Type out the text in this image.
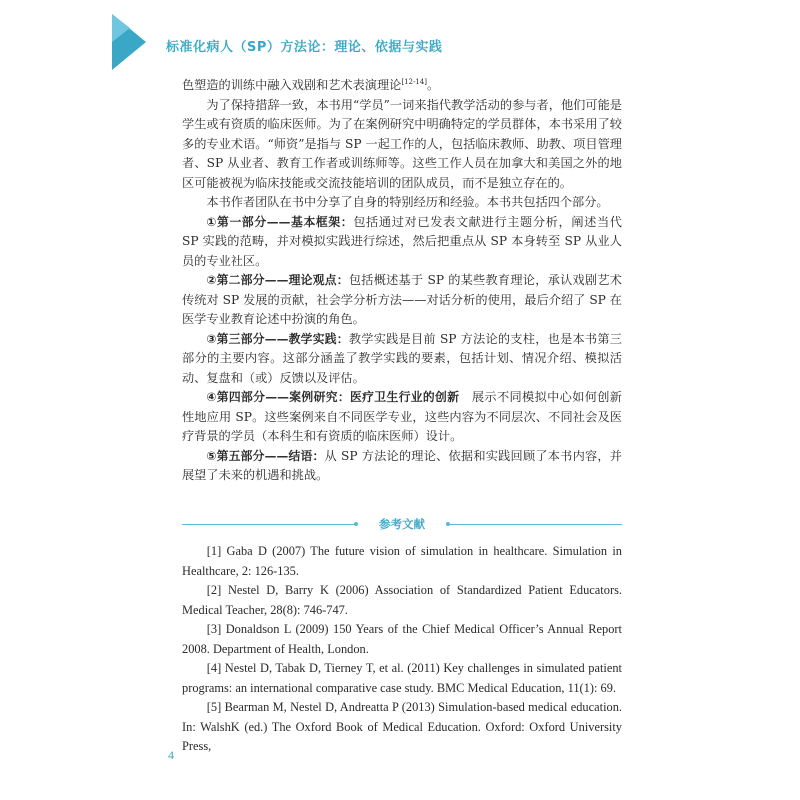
标准化病人（SP）方法论：理论、依据与实践

色塑造的训练中融入戏剧和艺术表演理论[12-14]。

为了保持措辞一致，本书用“学员”一词来指代教学活动的参与者，他们可能是学生或有资质的临床医师。为了在案例研究中明确特定的学员群体，本书采用了较多的专业术语。“师资”是指与 SP 一起工作的人，包括临床教师、助教、项目管理者、SP 从业者、教育工作者或训练师等。这些工作人员在加拿大和美国之外的地区可能被视为临床技能或交流技能培训的团队成员，而不是独立存在的。

本书作者团队在书中分享了自身的特别经历和经验。本书共包括四个部分。

①第一部分——基本框架：包括通过对已发表文献进行主题分析，阐述当代 SP 实践的范畴，并对模拟实践进行综述，然后把重点从 SP 本身转至 SP 从业人员的专业社区。

②第二部分——理论观点：包括概述基于 SP 的某些教育理论，承认戏剧艺术传统对 SP 发展的贡献，社会学分析方法——对话分析的使用，最后介绍了 SP 在医学专业教育论述中扮演的角色。

③第三部分——教学实践：教学实践是目前 SP 方法论的支柱，也是本书第三部分的主要内容。这部分涵盖了教学实践的要素，包括计划、情况介绍、模拟活动、复盘和（或）反馈以及评估。

④第四部分——案例研究：医疗卫生行业的创新　展示不同模拟中心如何创新性地应用 SP。这些案例来自不同医学专业，这些内容为不同层次、不同社会及医疗背景的学员（本科生和有资质的临床医师）设计。

⑤第五部分——结语：从 SP 方法论的理论、依据和实践回顾了本书内容，并展望了未来的机遇和挑战。

参考文献

[1] Gaba D (2007) The future vision of simulation in healthcare. Simulation in Healthcare, 2: 126-135.

[2] Nestel D, Barry K (2006) Association of Standardized Patient Educators. Medical Teacher, 28(8): 746-747.

[3] Donaldson L (2009) 150 Years of the Chief Medical Officer’s Annual Report 2008. Department of Health, London.

[4] Nestel D, Tabak D, Tierney T, et al. (2011) Key challenges in simulated patient programs: an international comparative case study. BMC Medical Education, 11(1): 69.

[5] Bearman M, Nestel D, Andreatta P (2013) Simulation-based medical education. In: WalshK (ed.) The Oxford Book of Medical Education. Oxford: Oxford University Press,

4
